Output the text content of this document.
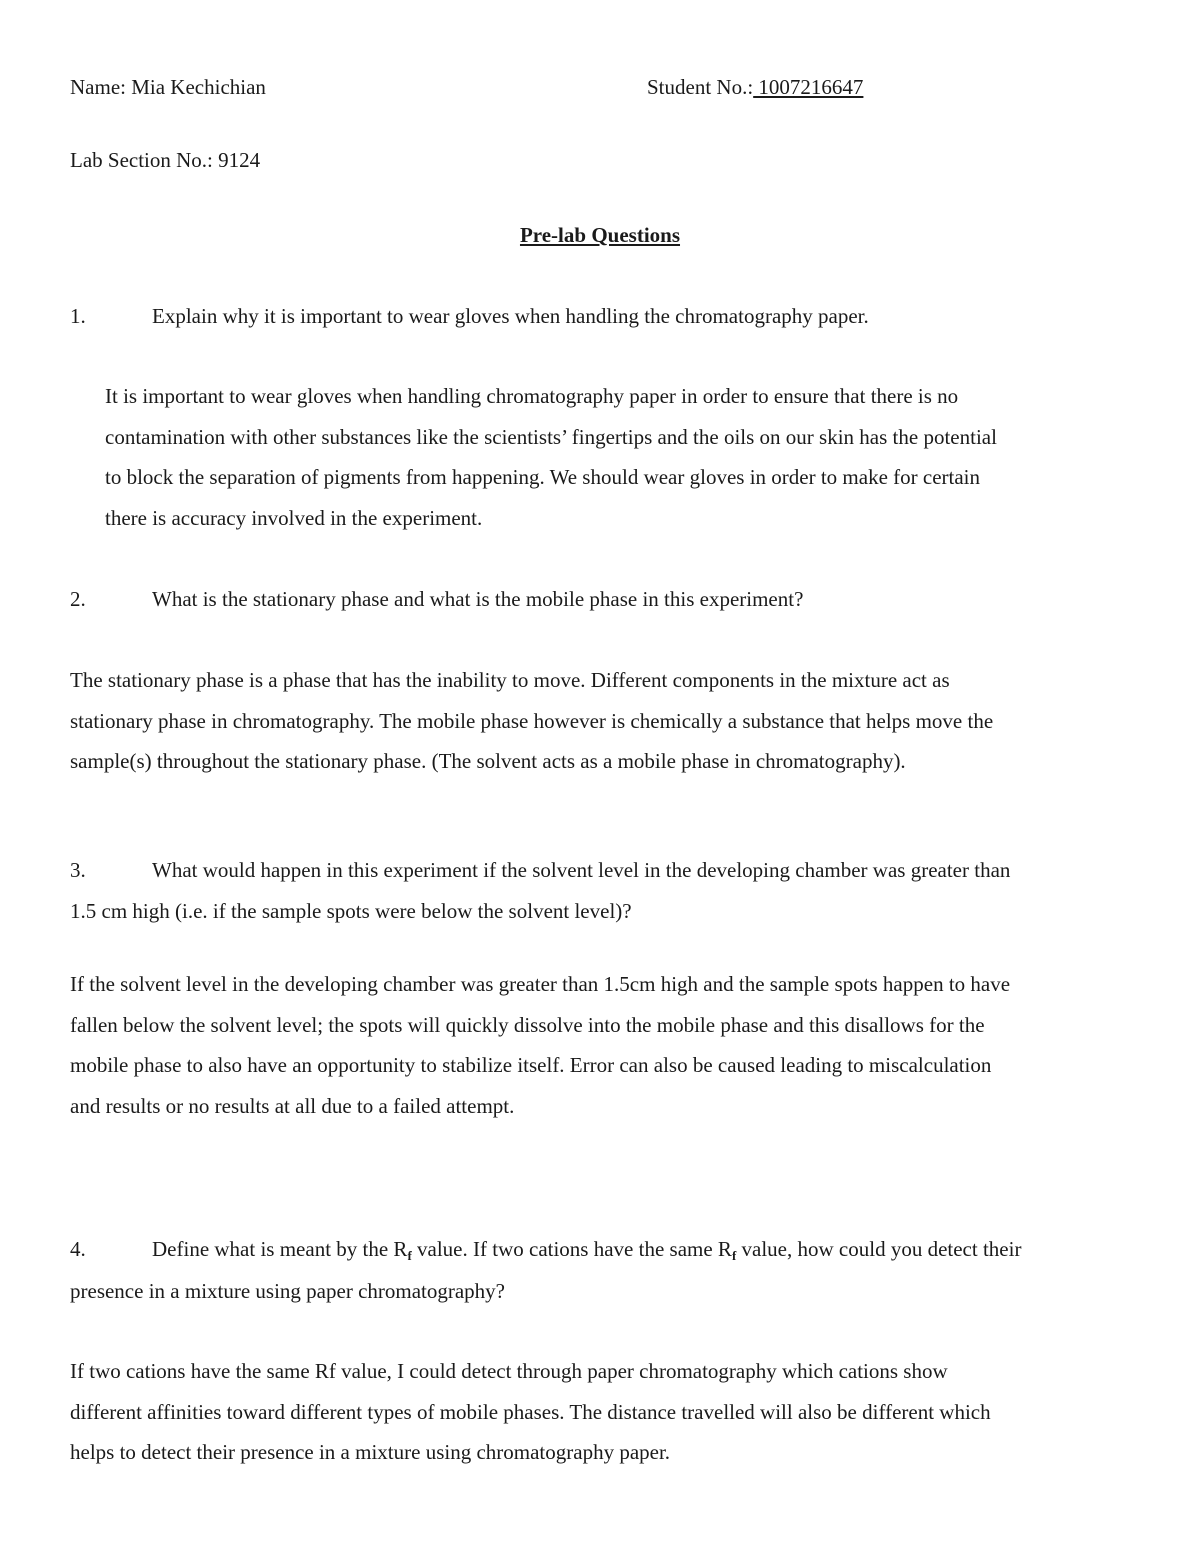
Name: Mia Kechichian	Student No.: 1007216647
Lab Section No.: 9124
Pre-lab Questions
1.	Explain why it is important to wear gloves when handling the chromatography paper.

It is important to wear gloves when handling chromatography paper in order to ensure that there is no

contamination with other substances like the scientists’ fingertips and the oils on our skin has the potential

to block the separation of pigments from happening. We should wear gloves in order to make for certain

there is accuracy involved in the experiment.

2.	What is the stationary phase and what is the mobile phase in this experiment?

The stationary phase is a phase that has the inability to move. Different components in the mixture act as

stationary phase in chromatography. The mobile phase however is chemically a substance that helps move the

sample(s) throughout the stationary phase. (The solvent acts as a mobile phase in chromatography).

3.	What would happen in this experiment if the solvent level in the developing chamber was greater than
1.5 cm high (i.e. if the sample spots were below the solvent level)?

If the solvent level in the developing chamber was greater than 1.5cm high and the sample spots happen to have

fallen below the solvent level; the spots will quickly dissolve into the mobile phase and this disallows for the

mobile phase to also have an opportunity to stabilize itself. Error can also be caused leading to miscalculation

and results or no results at all due to a failed attempt.

4.	Define what is meant by the $R_f$ value. If two cations have the same $R_f$ value, how could you detect their
presence in a mixture using paper chromatography?

If two cations have the same Rf value, I could detect through paper chromatography which cations show

different affinities toward different types of mobile phases. The distance travelled will also be different which

helps to detect their presence in a mixture using chromatography paper.
